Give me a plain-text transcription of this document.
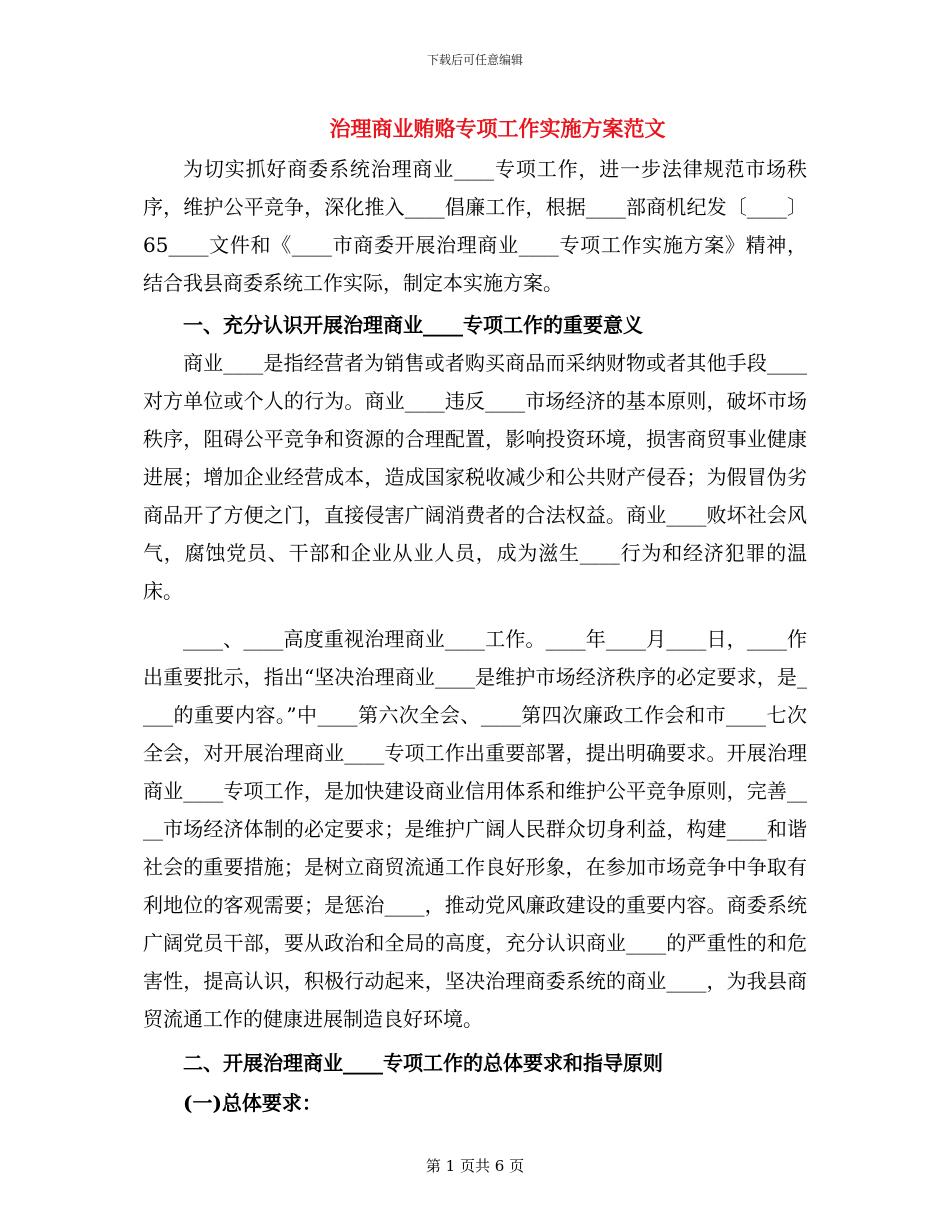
下载后可任意编辑
治理商业贿赂专项工作实施方案范文

为切实抓好商委系统治理商业____专项工作，进一步法律规范市场秩序，维护公平竞争，深化推入____倡廉工作，根据____部商机纪发〔____〕65____文件和《____市商委开展治理商业____专项工作实施方案》精神，结合我县商委系统工作实际，制定本实施方案。

一、充分认识开展治理商业____专项工作的重要意义

商业____是指经营者为销售或者购买商品而采纳财物或者其他手段____对方单位或个人的行为。商业____违反____市场经济的基本原则，破坏市场秩序，阻碍公平竞争和资源的合理配置，影响投资环境，损害商贸事业健康进展；增加企业经营成本，造成国家税收减少和公共财产侵吞；为假冒伪劣商品开了方便之门，直接侵害广阔消费者的合法权益。商业____败坏社会风气，腐蚀党员、干部和企业从业人员，成为滋生____行为和经济犯罪的温床。

____、____高度重视治理商业____工作。____年____月____日，____作出重要批示，指出“坚决治理商业____是维护市场经济秩序的必定要求，是____的重要内容。”中____第六次全会、____第四次廉政工作会和市____七次全会，对开展治理商业____专项工作出重要部署，提出明确要求。开展治理商业____专项工作，是加快建设商业信用体系和维护公平竞争原则，完善____市场经济体制的必定要求；是维护广阔人民群众切身利益，构建____和谐社会的重要措施；是树立商贸流通工作良好形象，在参加市场竞争中争取有利地位的客观需要；是惩治____，推动党风廉政建设的重要内容。商委系统广阔党员干部，要从政治和全局的高度，充分认识商业____的严重性的和危害性，提高认识，积极行动起来，坚决治理商委系统的商业____，为我县商贸流通工作的健康进展制造良好环境。

二、开展治理商业____专项工作的总体要求和指导原则

(一)总体要求：

第 1 页共 6 页
